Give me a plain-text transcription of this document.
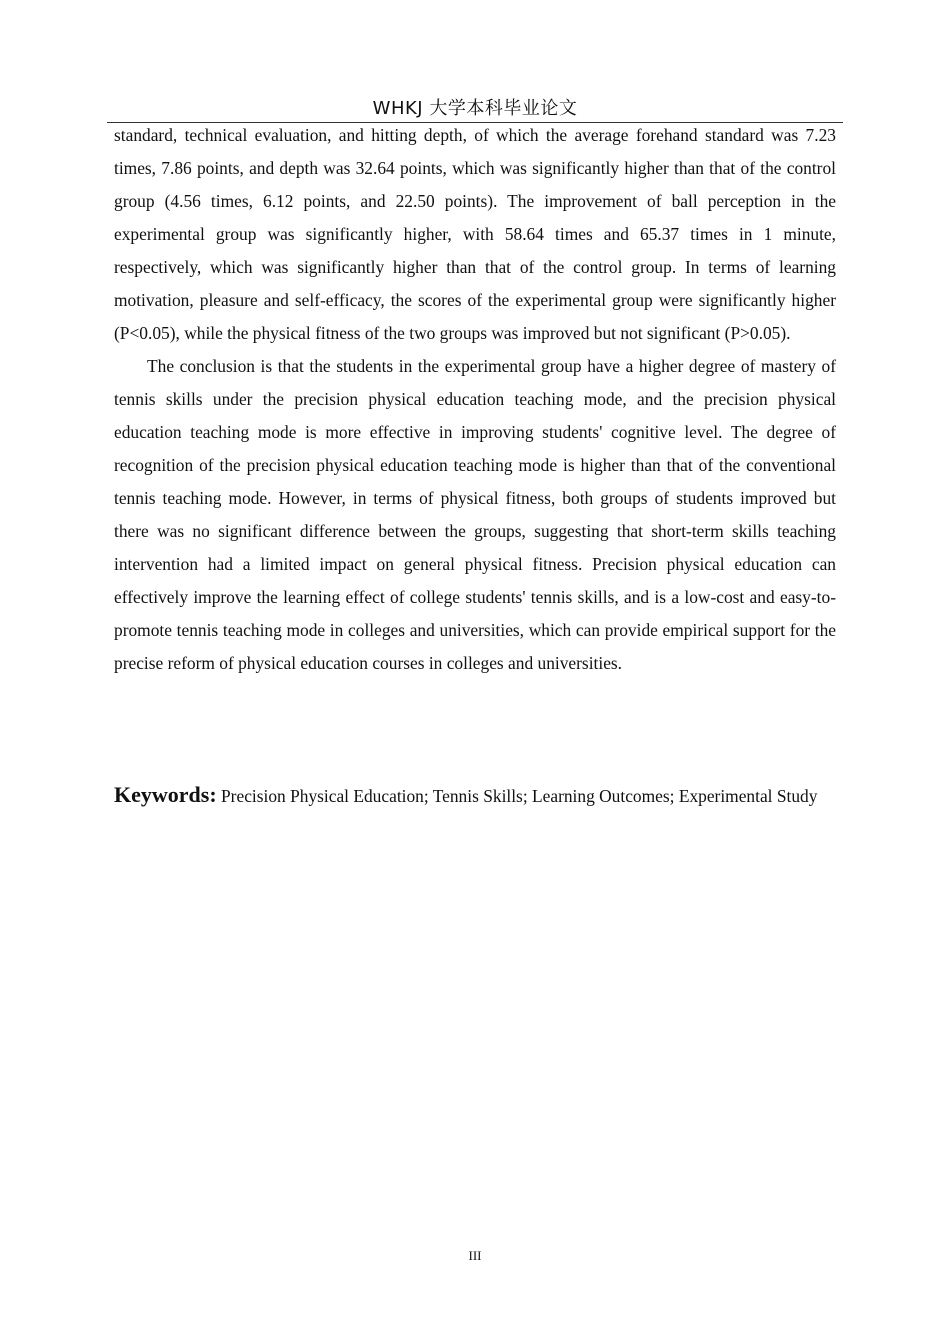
WHKJ 大学本科毕业论文

standard, technical evaluation, and hitting depth, of which the average forehand standard was 7.23 times, 7.86 points, and depth was 32.64 points, which was significantly higher than that of the control group (4.56 times, 6.12 points, and 22.50 points). The improvement of ball perception in the experimental group was significantly higher, with 58.64 times and 65.37 times in 1 minute, respectively, which was significantly higher than that of the control group. In terms of learning motivation, pleasure and self-efficacy, the scores of the experimental group were significantly higher (P<0.05), while the physical fitness of the two groups was improved but not significant (P>0.05).

The conclusion is that the students in the experimental group have a higher degree of mastery of tennis skills under the precision physical education teaching mode, and the precision physical education teaching mode is more effective in improving students' cognitive level. The degree of recognition of the precision physical education teaching mode is higher than that of the conventional tennis teaching mode. However, in terms of physical fitness, both groups of students improved but there was no significant difference between the groups, suggesting that short-term skills teaching intervention had a limited impact on general physical fitness. Precision physical education can effectively improve the learning effect of college students' tennis skills, and is a low-cost and easy-to-promote tennis teaching mode in colleges and universities, which can provide empirical support for the precise reform of physical education courses in colleges and universities.

Keywords: Precision Physical Education; Tennis Skills; Learning Outcomes; Experimental Study

III
